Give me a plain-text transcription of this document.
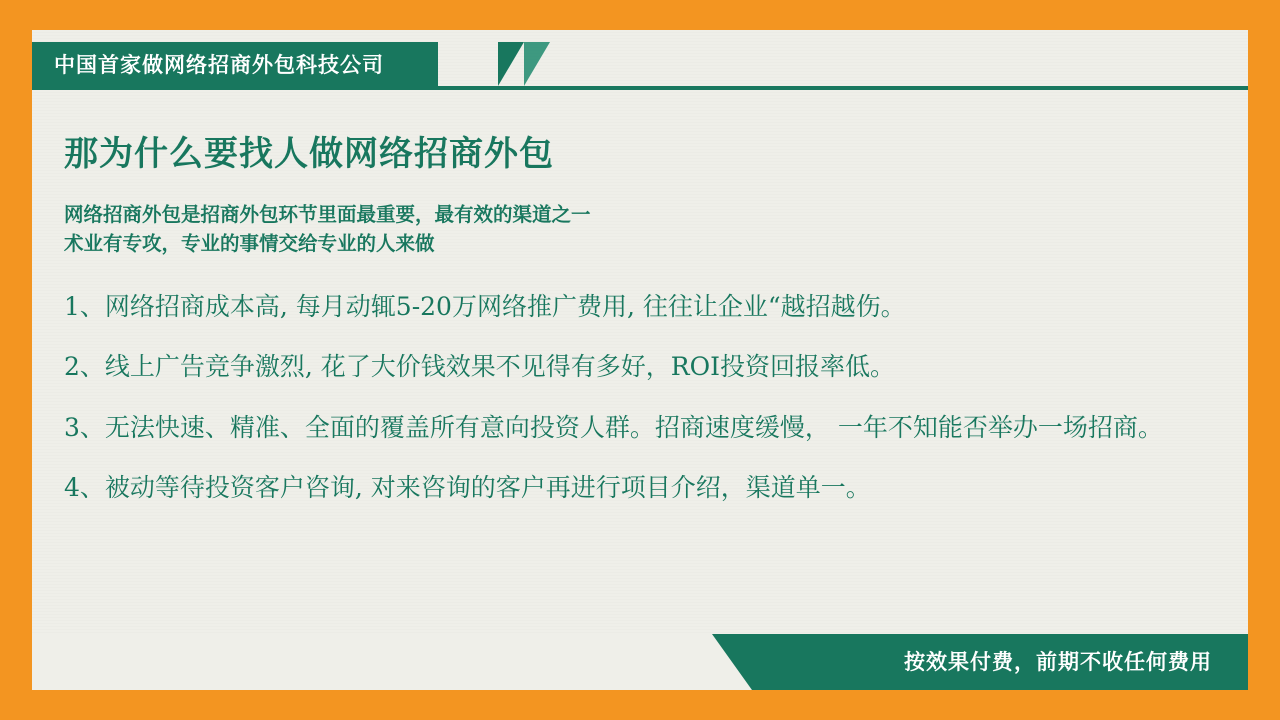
中国首家做网络招商外包科技公司
那为什么要找人做网络招商外包
网络招商外包是招商外包环节里面最重要，最有效的渠道之一
术业有专攻，专业的事情交给专业的人来做
1、网络招商成本高, 每月动辄5-20万网络推广费用, 往往让企业“越招越伤。
2、线上广告竞争激烈, 花了大价钱效果不见得有多好，ROI投资回报率低。
3、无法快速、精准、全面的覆盖所有意向投资人群。招商速度缓慢， 一年不知能否举办一场招商。
4、被动等待投资客户咨询, 对来咨询的客户再进行项目介绍，渠道单一。
按效果付费，前期不收任何费用
